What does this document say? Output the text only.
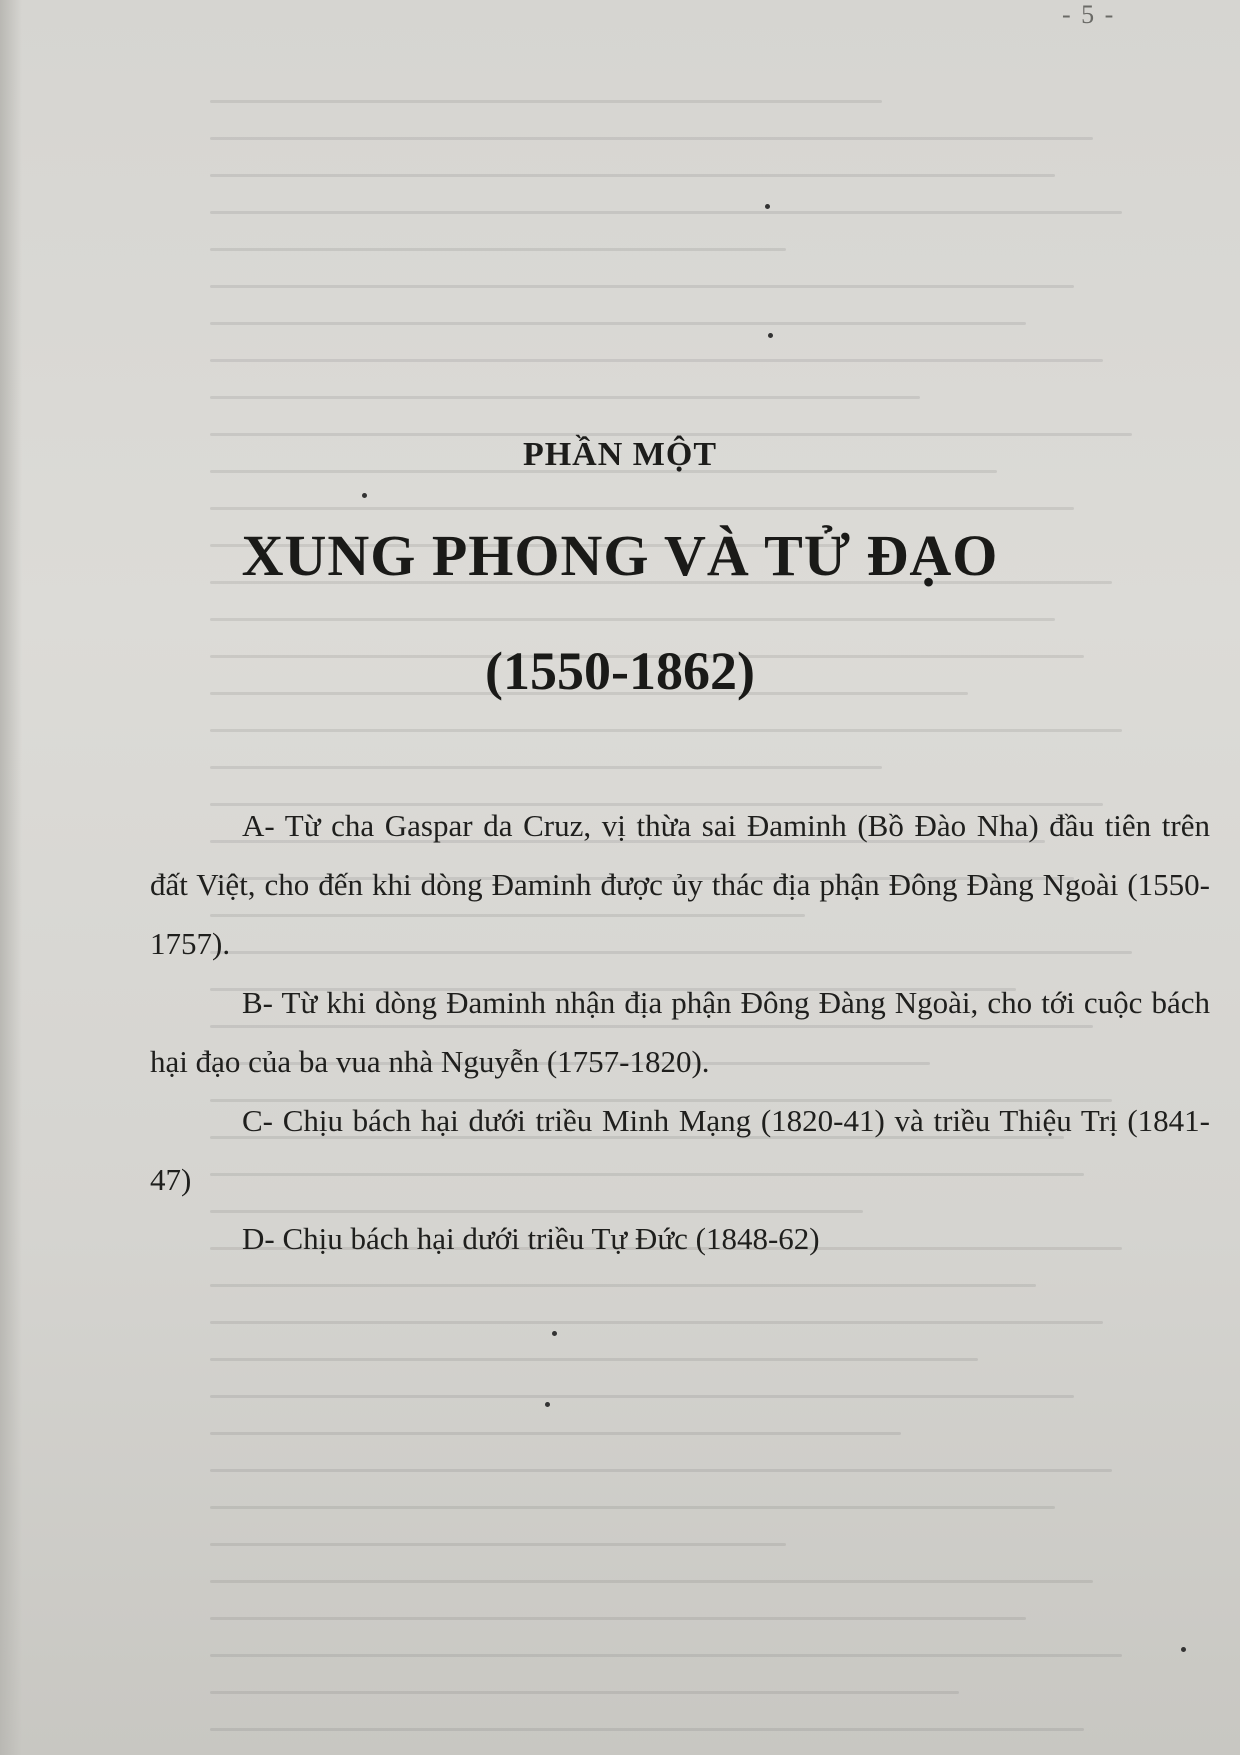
- 5 -
PHẦN MỘT
XUNG PHONG VÀ TỬ ĐẠO
(1550-1862)

A- Từ cha Gaspar da Cruz, vị thừa sai Đaminh (Bồ Đào Nha) đầu tiên trên đất Việt, cho đến khi dòng Đaminh được ủy thác địa phận Đông Đàng Ngoài (1550-1757).

B- Từ khi dòng Đaminh nhận địa phận Đông Đàng Ngoài, cho tới cuộc bách hại đạo của ba vua nhà Nguyễn (1757-1820).

C- Chịu bách hại dưới triều Minh Mạng (1820-41) và triều Thiệu Trị (1841-47)

D- Chịu bách hại dưới triều Tự Đức (1848-62)
